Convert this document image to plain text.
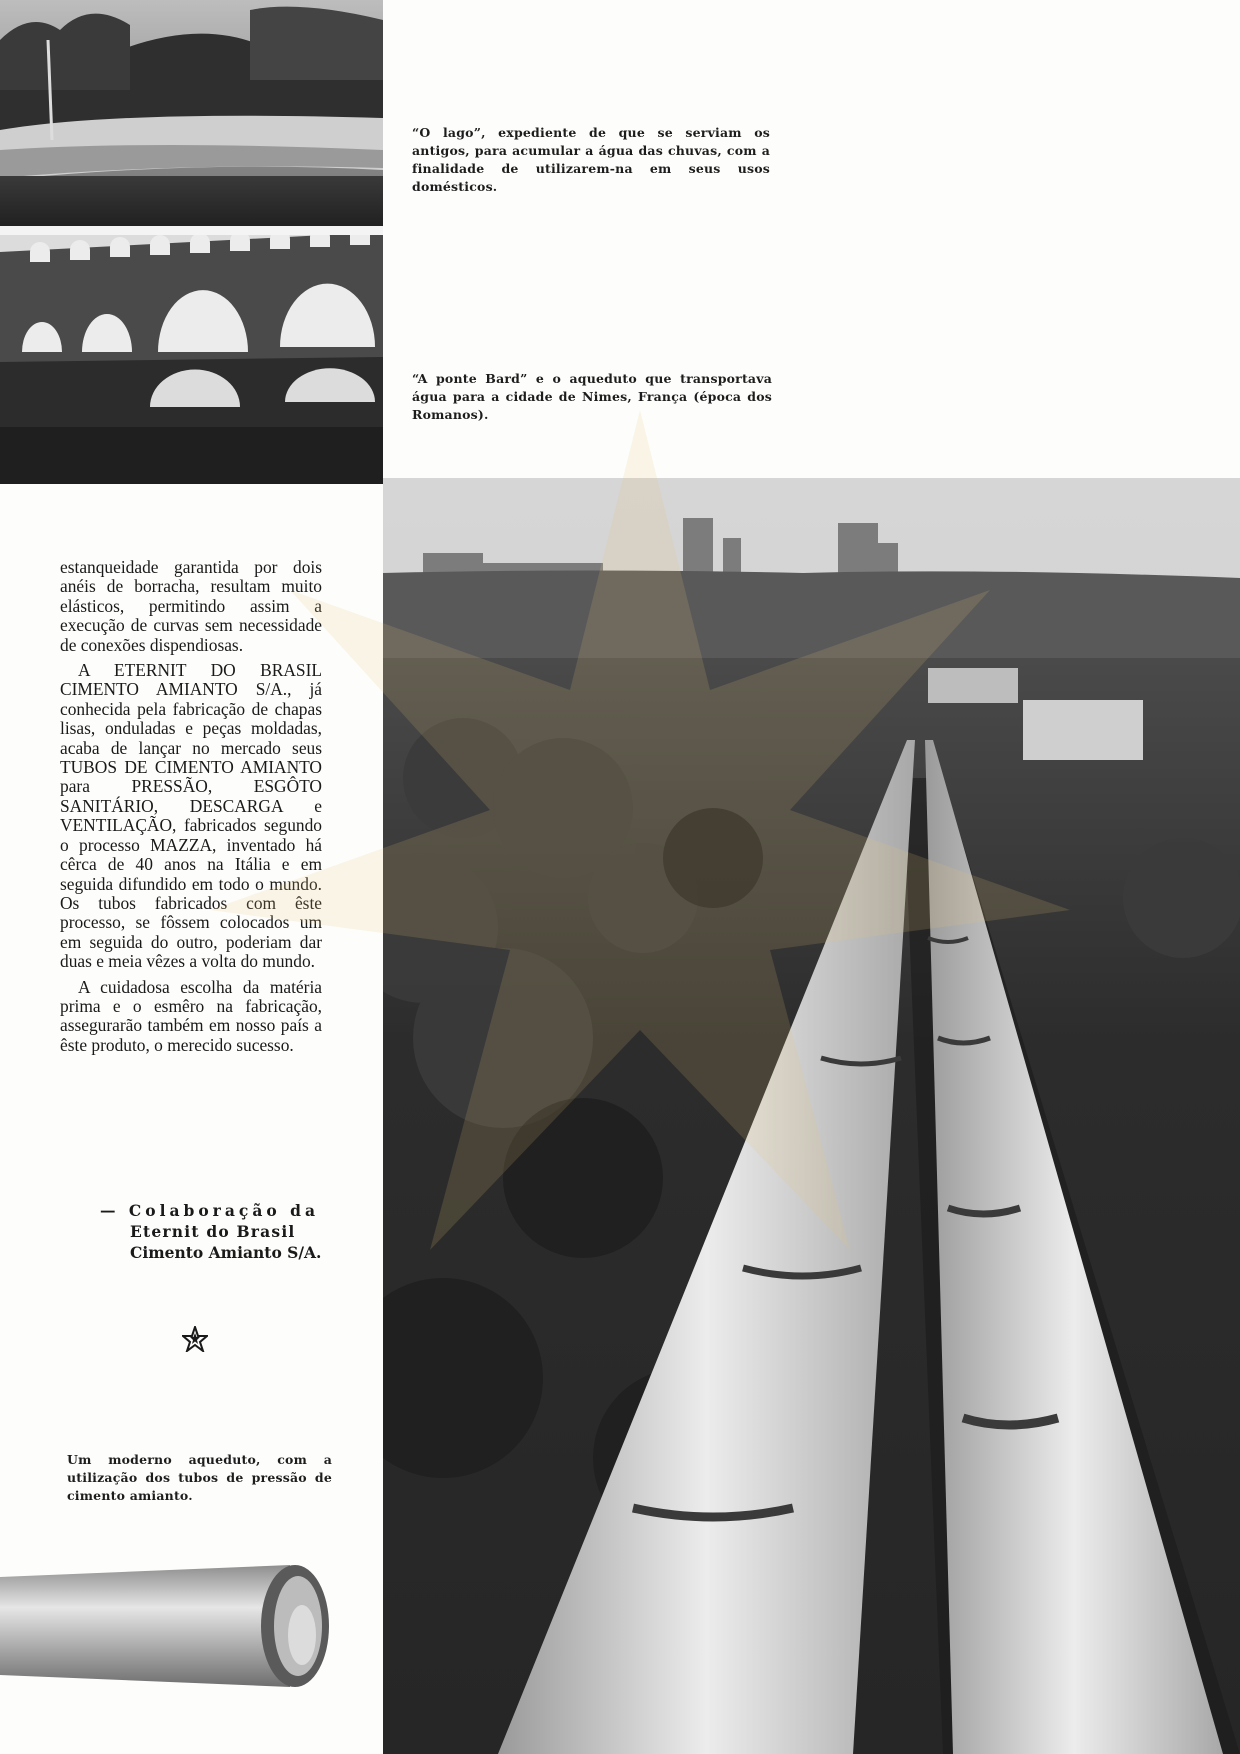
“O lago”, expediente de que se serviam os antigos, para acumular a água das chuvas, com a finalidade de utilizarem-na em seus usos domésticos.

“A ponte Bard” e o aqueduto que transportava água para a cidade de Nimes, França (época dos Romanos).

estanqueidade garantida por dois anéis de borracha, resultam muito elásticos, permitindo assim a execução de curvas sem necessidade de conexões dispendiosas.

A ETERNIT DO BRASIL CIMENTO AMIANTO S/A., já conhecida pela fabricação de chapas lisas, onduladas e peças moldadas, acaba de lançar no mercado seus TUBOS DE CIMENTO AMIANTO para PRESSÃO, ESGÔTO SANITÁRIO, DESCARGA e VENTILAÇÃO, fabricados segundo o processo MAZZA, inventado há cêrca de 40 anos na Itália e em seguida difundido em todo o mundo. Os tubos fabricados com êste processo, se fôssem colocados um em seguida do outro, poderiam dar duas e meia vêzes a volta do mundo.

A cuidadosa escolha da matéria prima e o esmêro na fabricação, assegurarão também em nosso país a êste produto, o merecido sucesso.

— Colaboração da
Eternit do Brasil
Cimento Amianto S/A.

Um moderno aqueduto, com a utilização dos tubos de pressão de cimento amianto.
